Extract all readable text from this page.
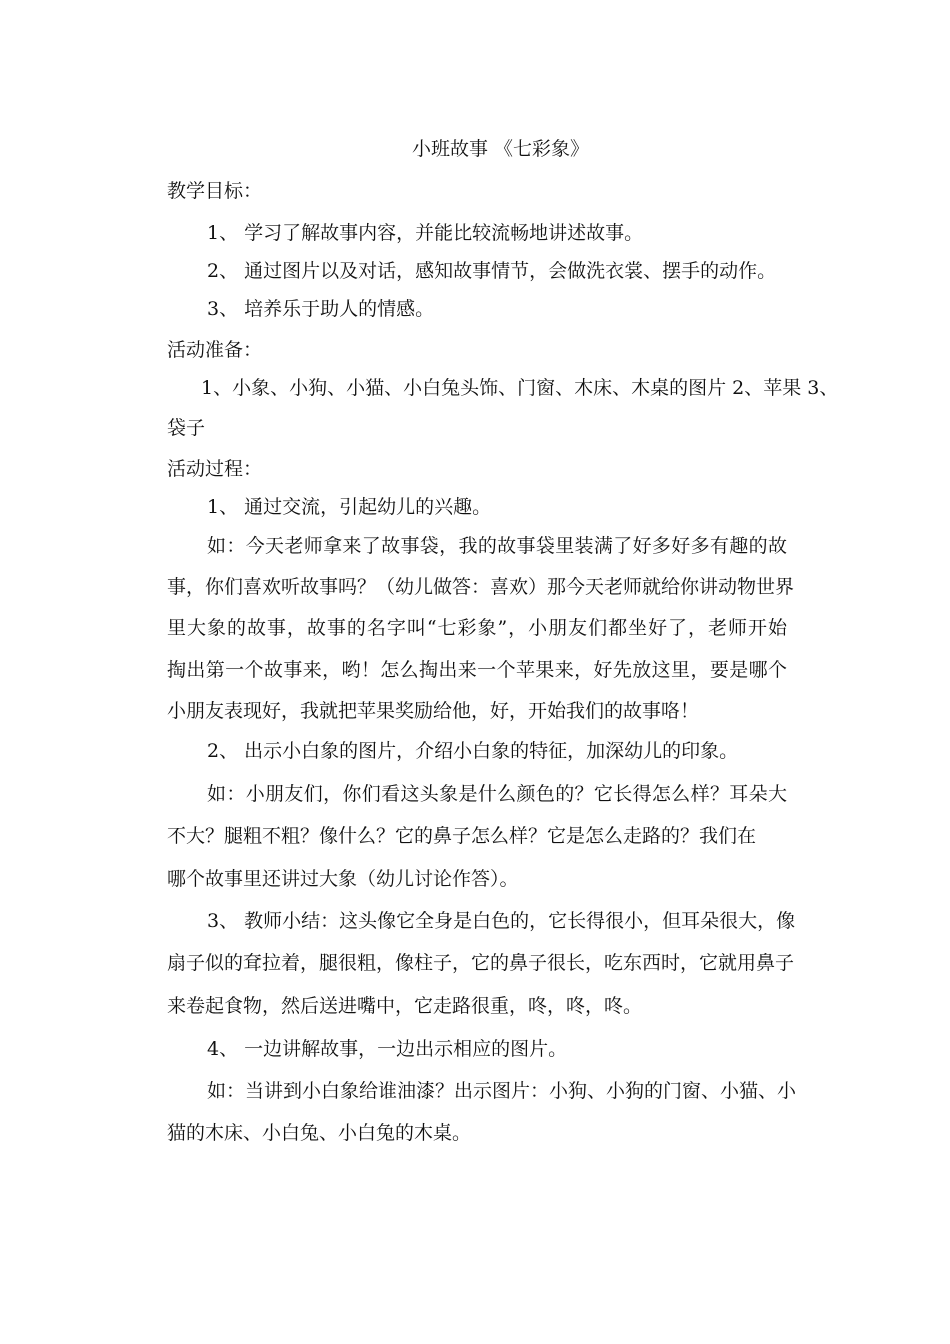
小班故事 《七彩象》
教学目标：
1、 学习了解故事内容，并能比较流畅地讲述故事。
2、 通过图片以及对话，感知故事情节，会做洗衣裳、摆手的动作。
3、 培养乐于助人的情感。
活动准备：
1、小象、小狗、小猫、小白兔头饰、门窗、木床、木桌的图片 2、苹果 3、
袋子
活动过程：
1、 通过交流，引起幼儿的兴趣。
如：今天老师拿来了故事袋，我的故事袋里装满了好多好多有趣的故
事，你们喜欢听故事吗？（幼儿做答：喜欢）那今天老师就给你讲动物世界
里大象的故事，故事的名字叫“七彩象”，小朋友们都坐好了，老师开始
掏出第一个故事来，哟！怎么掏出来一个苹果来，好先放这里，要是哪个
小朋友表现好，我就把苹果奖励给他，好，开始我们的故事咯！
2、 出示小白象的图片，介绍小白象的特征，加深幼儿的印象。
如：小朋友们，你们看这头象是什么颜色的？它长得怎么样？耳朵大
不大？腿粗不粗？像什么？它的鼻子怎么样？它是怎么走路的？我们在
哪个故事里还讲过大象（幼儿讨论作答）。
3、 教师小结：这头像它全身是白色的，它长得很小，但耳朵很大，像
扇子似的耷拉着，腿很粗，像柱子，它的鼻子很长，吃东西时，它就用鼻子
来卷起食物，然后送进嘴中，它走路很重，咚，咚，咚。
4、 一边讲解故事，一边出示相应的图片。
如：当讲到小白象给谁油漆？出示图片：小狗、小狗的门窗、小猫、小
猫的木床、小白兔、小白兔的木桌。
